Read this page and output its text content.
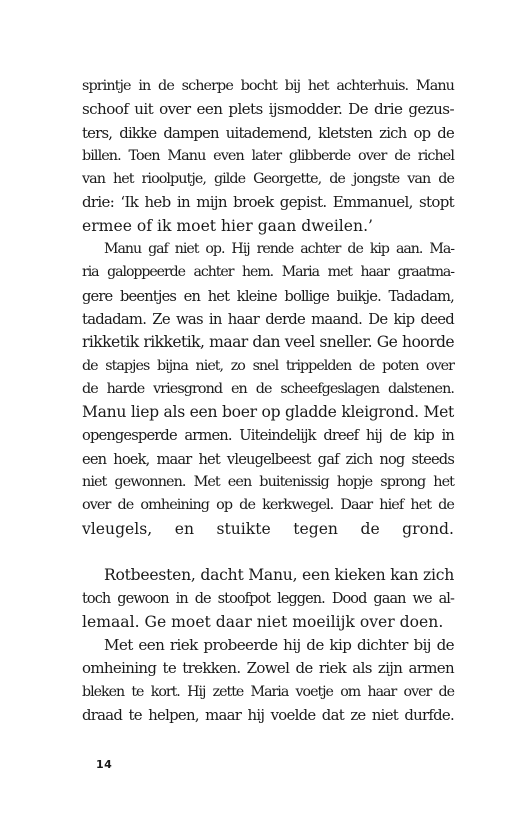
sprintje in de scherpe bocht bij het achterhuis. Manu
schoof uit over een plets ijsmodder. De drie gezus-
ters, dikke dampen uitademend, kletsten zich op de
billen. Toen Manu even later glibberde over de richel
van het rioolputje, gilde Georgette, de jongste van de
drie: ‘Ik heb in mijn broek gepist. Emmanuel, stopt
ermee of ik moet hier gaan dweilen.’
Manu gaf niet op. Hij rende achter de kip aan. Ma-
ria galoppeerde achter hem. Maria met haar graatma-
gere beentjes en het kleine bollige buikje. Tadadam,
tadadam. Ze was in haar derde maand. De kip deed
rikketik rikketik, maar dan veel sneller. Ge hoorde
de stapjes bijna niet, zo snel trippelden de poten over
de harde vriesgrond en de scheefgeslagen dalstenen.
Manu liep als een boer op gladde kleigrond. Met
opengesperde armen. Uiteindelijk dreef hij de kip in
een hoek, maar het vleugelbeest gaf zich nog steeds
niet gewonnen. Met een buitenissig hopje sprong het
over de omheining op de kerkwegel. Daar hief het de
vleugels, en stuikte tegen de grond.
Rotbeesten, dacht Manu, een kieken kan zich
toch gewoon in de stoofpot leggen. Dood gaan we al-
lemaal. Ge moet daar niet moeilijk over doen.
Met een riek probeerde hij de kip dichter bij de
omheining te trekken. Zowel de riek als zijn armen
bleken te kort. Hij zette Maria voetje om haar over de
draad te helpen, maar hij voelde dat ze niet durfde.
14
